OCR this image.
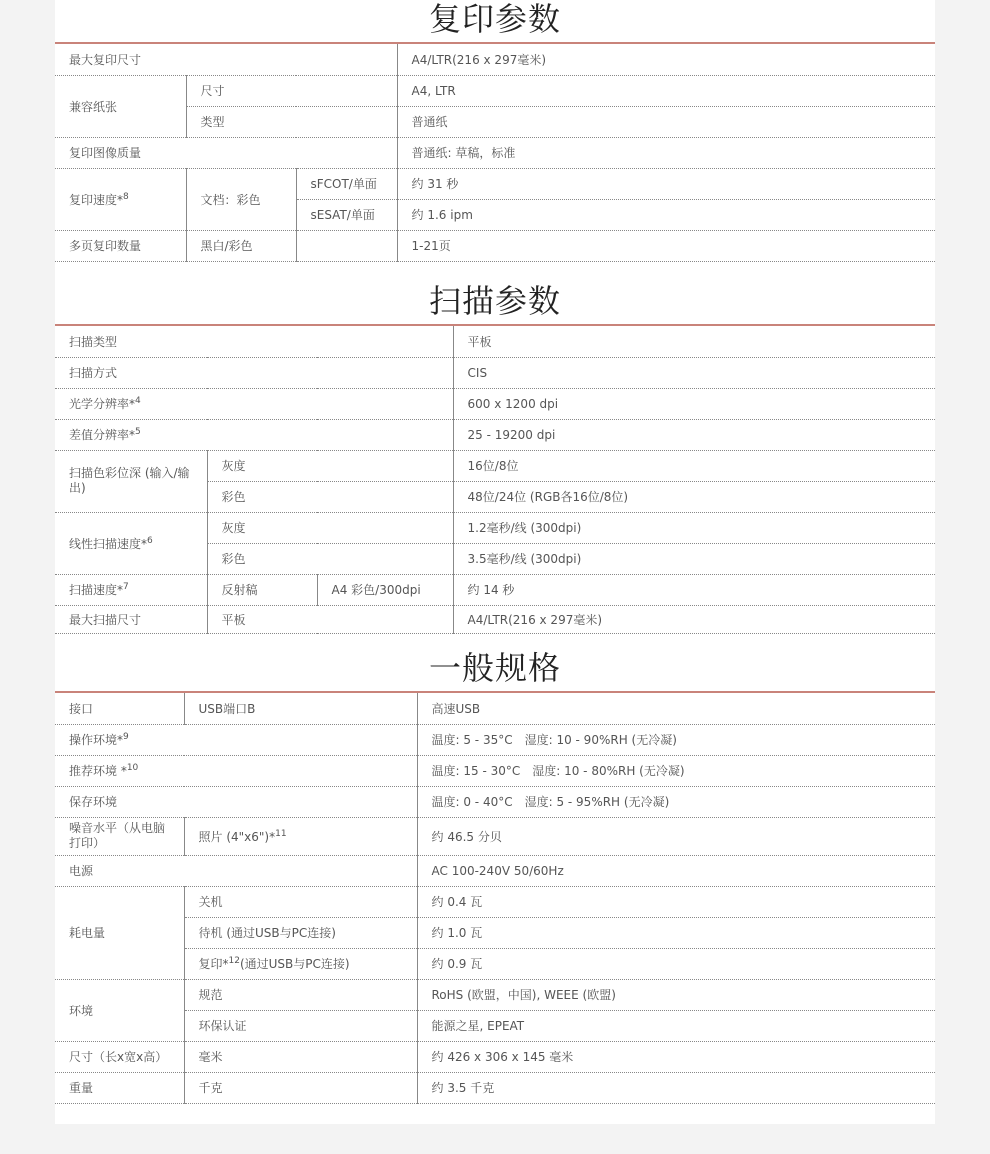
复印参数
最大复印尺寸			A4/LTR(216 x 297毫米)
兼容纸张	尺寸		A4, LTR
	类型		普通纸
复印图像质量			普通纸: 草稿，标准
复印速度*$^8$	文档：彩色	sFCOT/单面	约 31 秒
		sESAT/单面	约 1.6 ipm
多页复印数量	黑白/彩色		1-21页
扫描参数
扫描类型			平板
扫描方式			CIS
光学分辨率*$^4$			600 x 1200 dpi
差值分辨率*$^5$			25 - 19200 dpi
扫描色彩位深 (输入/输出)	灰度		16位/8位
	彩色		48位/24位 (RGB各16位/8位)
线性扫描速度*$^6$	灰度		1.2毫秒/线 (300dpi)
	彩色		3.5毫秒/线 (300dpi)
扫描速度*$^7$	反射稿	A4 彩色/300dpi	约 14 秒
最大扫描尺寸	平板		A4/LTR(216 x 297毫米)
一般规格
接口	USB端口B	高速USB
操作环境*$^9$		温度: 5 - 35°C　湿度: 10 - 90%RH (无冷凝)
推荐环境 *$^{10}$		温度: 15 - 30°C　湿度: 10 - 80%RH (无冷凝)
保存环境		温度: 0 - 40°C　湿度: 5 - 95%RH (无冷凝)
噪音水平（从电脑打印）	照片 (4"x6")*$^{11}$	约 46.5 分贝
电源		AC 100-240V 50/60Hz
耗电量	关机	约 0.4 瓦
	待机 (通过USB与PC连接)	约 1.0 瓦
	复印*$^{12}$(通过USB与PC连接)	约 0.9 瓦
环境	规范	RoHS (欧盟，中国), WEEE (欧盟)
	环保认证	能源之星, EPEAT
尺寸（长x宽x高）	毫米	约 426 x 306 x 145 毫米
重量	千克	约 3.5 千克
